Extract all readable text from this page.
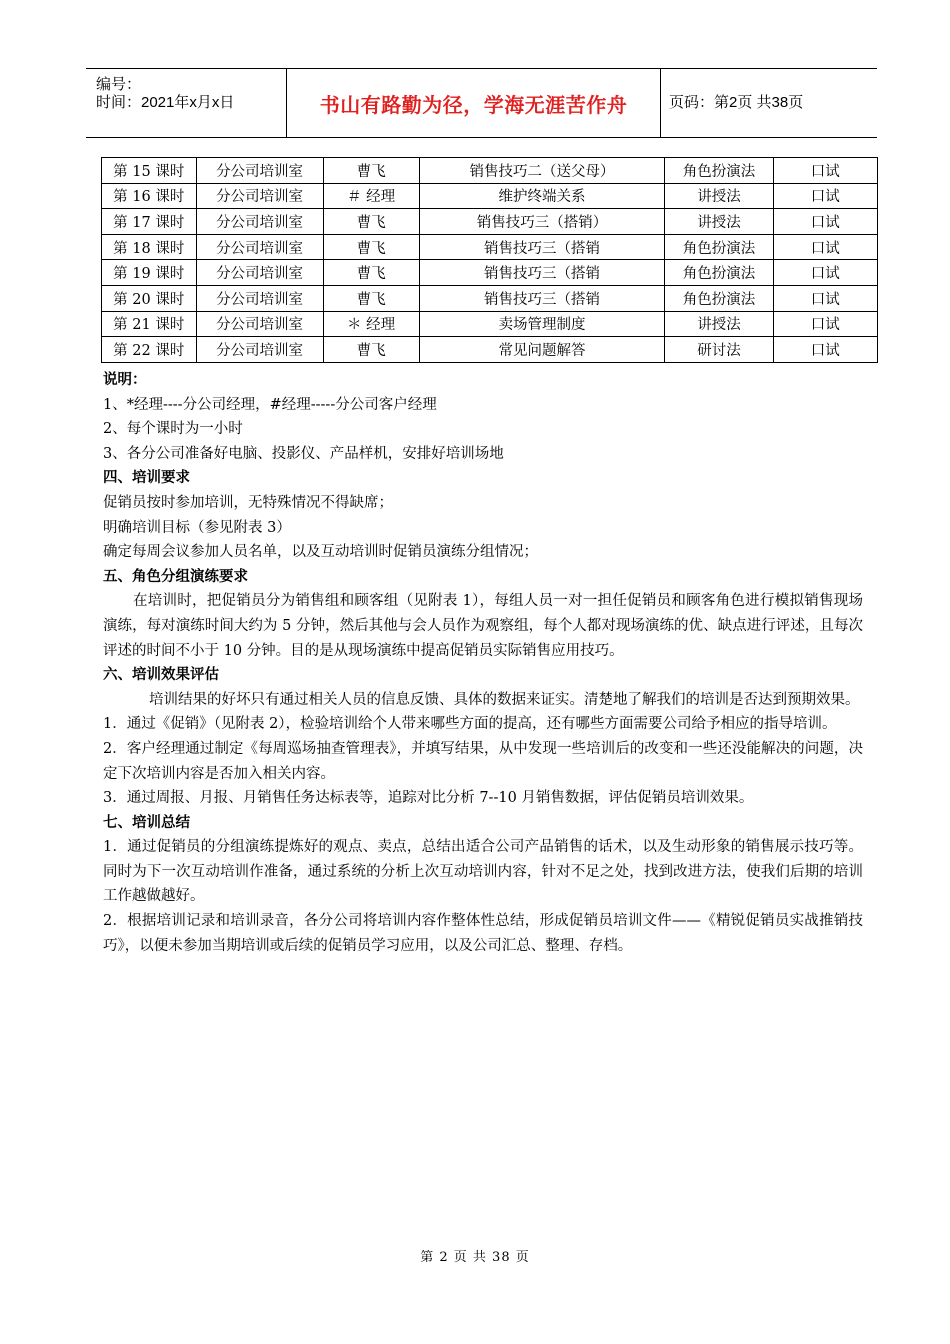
编号：
时间：2021年x月x日	书山有路勤为径，学海无涯苦作舟	页码：第2页 共38页
第 15 课时	分公司培训室	曹飞	销售技巧二（送父母）	角色扮演法	口试
第 16 课时	分公司培训室	＃ 经理	维护终端关系	讲授法	口试
第 17 课时	分公司培训室	曹飞	销售技巧三（搭销）	讲授法	口试
第 18 课时	分公司培训室	曹飞	销售技巧三（搭销	角色扮演法	口试
第 19 课时	分公司培训室	曹飞	销售技巧三（搭销	角色扮演法	口试
第 20 课时	分公司培训室	曹飞	销售技巧三（搭销	角色扮演法	口试
第 21 课时	分公司培训室	＊ 经理	卖场管理制度	讲授法	口试
第 22 课时	分公司培训室	曹飞	常见问题解答	研讨法	口试

说明：

1、*经理----分公司经理，#经理-----分公司客户经理

2、每个课时为一小时

3、各分公司准备好电脑、投影仪、产品样机，安排好培训场地

四、培训要求

促销员按时参加培训，无特殊情况不得缺席；

明确培训目标（参见附表 3）

确定每周会议参加人员名单，以及互动培训时促销员演练分组情况；

五、角色分组演练要求

在培训时，把促销员分为销售组和顾客组（见附表 1），每组人员一对一担任促销员和顾客角色进行模拟销售现场演练，每对演练时间大约为 5 分钟，然后其他与会人员作为观察组，每个人都对现场演练的优、缺点进行评述，且每次评述的时间不小于 10 分钟。目的是从现场演练中提高促销员实际销售应用技巧。

六、培训效果评估

培训结果的好坏只有通过相关人员的信息反馈、具体的数据来证实。清楚地了解我们的培训是否达到预期效果。

1．通过《促销》（见附表 2），检验培训给个人带来哪些方面的提高，还有哪些方面需要公司给予相应的指导培训。

2．客户经理通过制定《每周巡场抽查管理表》，并填写结果，从中发现一些培训后的改变和一些还没能解决的问题，决定下次培训内容是否加入相关内容。

3．通过周报、月报、月销售任务达标表等，追踪对比分析 7--10 月销售数据，评估促销员培训效果。

七、培训总结

1．通过促销员的分组演练提炼好的观点、卖点，总结出适合公司产品销售的话术，以及生动形象的销售展示技巧等。同时为下一次互动培训作准备，通过系统的分析上次互动培训内容，针对不足之处，找到改进方法，使我们后期的培训工作越做越好。

2．根据培训记录和培训录音，各分公司将培训内容作整体性总结，形成促销员培训文件——《精锐促销员实战推销技巧》，以便未参加当期培训或后续的促销员学习应用，以及公司汇总、整理、存档。

第 2 页 共 38 页
